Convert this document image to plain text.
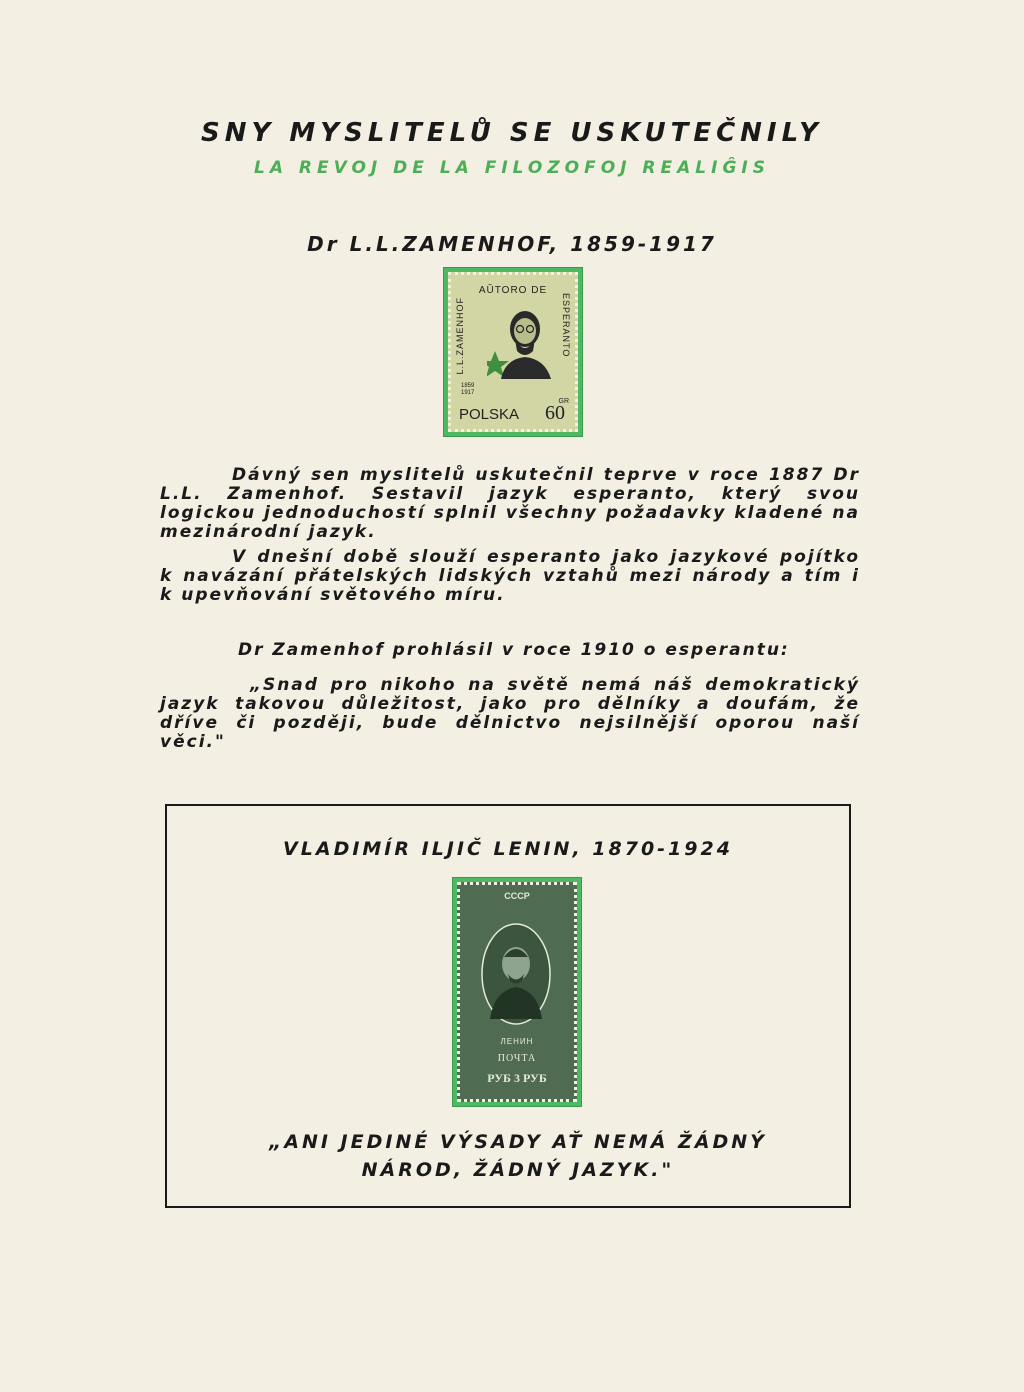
SNY MYSLITELŮ SE USKUTEČNILY
LA REVOJ DE LA FILOZOFOJ REALIĜIS
Dr L.L.ZAMENHOF, 1859-1917
AŬTORO DE
L.L.ZAMENHOF	ESPERANTO
1859
1917
POLSKA
GR
60
Dávný sen myslitelů uskutečnil teprve v roce 1887 Dr L.L. Zamenhof. Sestavil jazyk esperanto, který svou logickou jednoduchostí splnil všechny požadavky kladené na mezinárodní jazyk.
V dnešní době slouží esperanto jako jazykové pojítko k navázání přátelských lidských vztahů mezi národy a tím i k upevňování světového míru.
Dr Zamenhof prohlásil v roce 1910 o esperantu:
„Snad pro nikoho na světě nemá náš demokratický jazyk takovou důležitost, jako pro dělníky a doufám, že dříve či později, bude dělnictvo nejsilnější oporou naší věci."
VLADIMÍR ILJIČ LENIN, 1870-1924
СССР
ЛЕНИН
ПОЧТА
РУБ 3 РУБ
„ANI JEDINÉ VÝSADY AŤ NEMÁ ŽÁDNÝ NÁROD, ŽÁDNÝ JAZYK."
